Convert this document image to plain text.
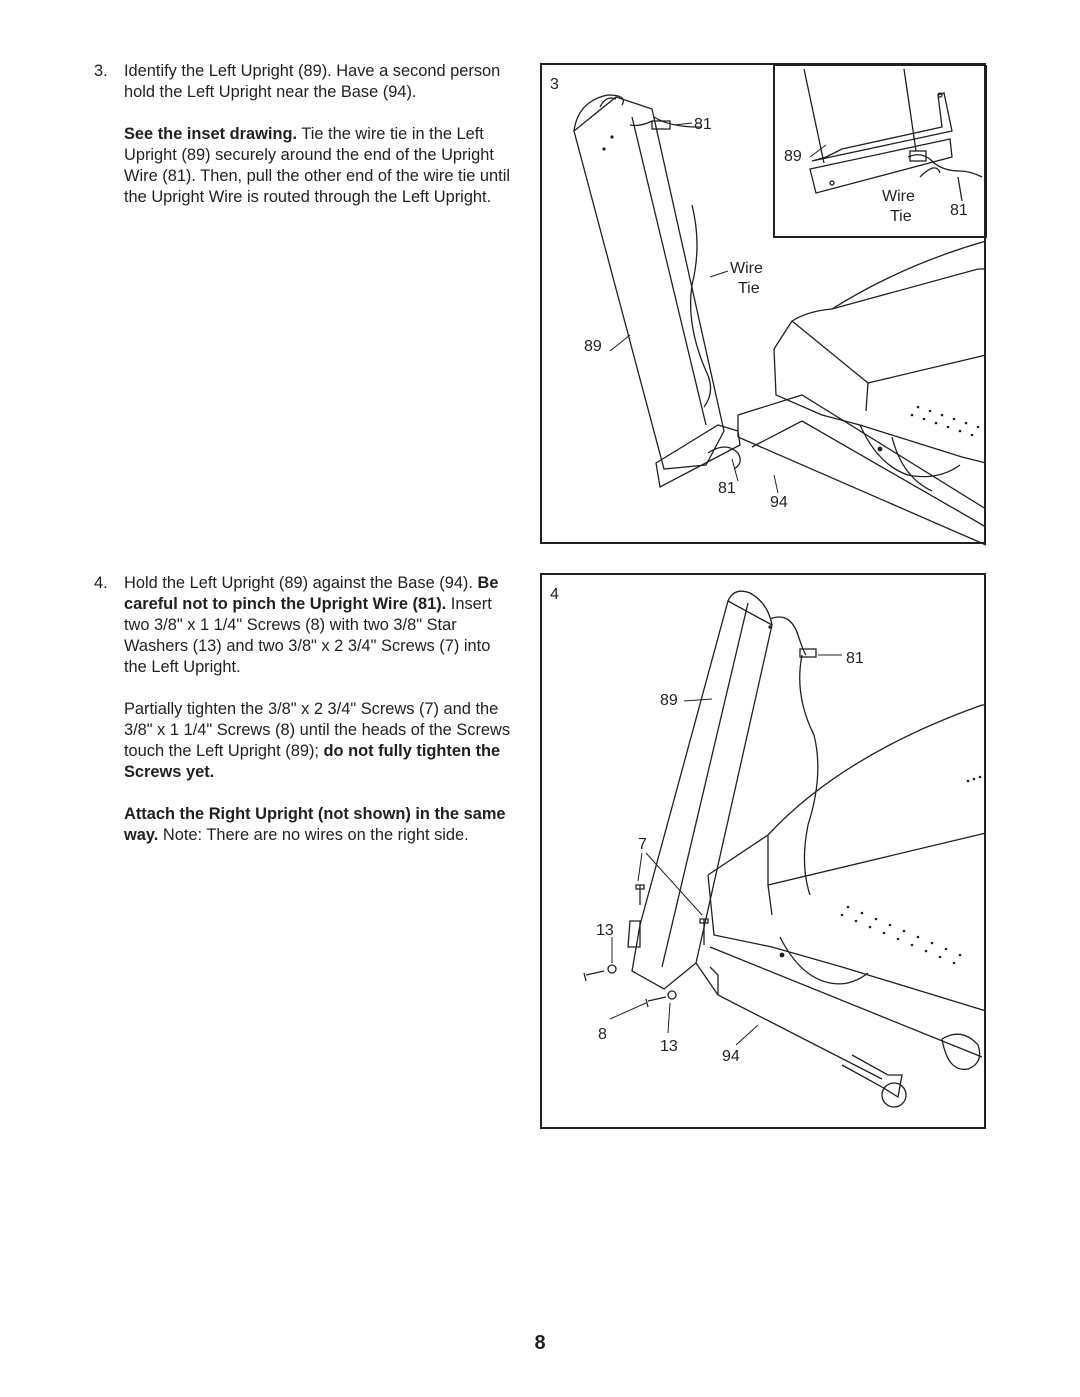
3. Identify the Left Upright (89). Have a second person hold the Left Upright near the Base (94).

See the inset drawing. Tie the wire tie in the Left Upright (89) securely around the end of the Upright Wire (81). Then, pull the other end of the wire tie until the Upright Wire is routed through the Left Upright.

4. Hold the Left Upright (89) against the Base (94). Be careful not to pinch the Upright Wire (81). Insert two 3/8" x 1 1/4" Screws (8) with two 3/8" Star Washers (13) and two 3/8" x 2 3/4" Screws (7) into the Left Upright.

Partially tighten the 3/8" x 2 3/4" Screws (7) and the 3/8" x 1 1/4" Screws (8) until the heads of the Screws touch the Left Upright (89); do not fully tighten the Screws yet.

Attach the Right Upright (not shown) in the same way. Note: There are no wires on the right side.

3
81
89
Wire
Tie 81
Wire
Tie
89
81
94
4
81
89
7
13
8
13
94
8
